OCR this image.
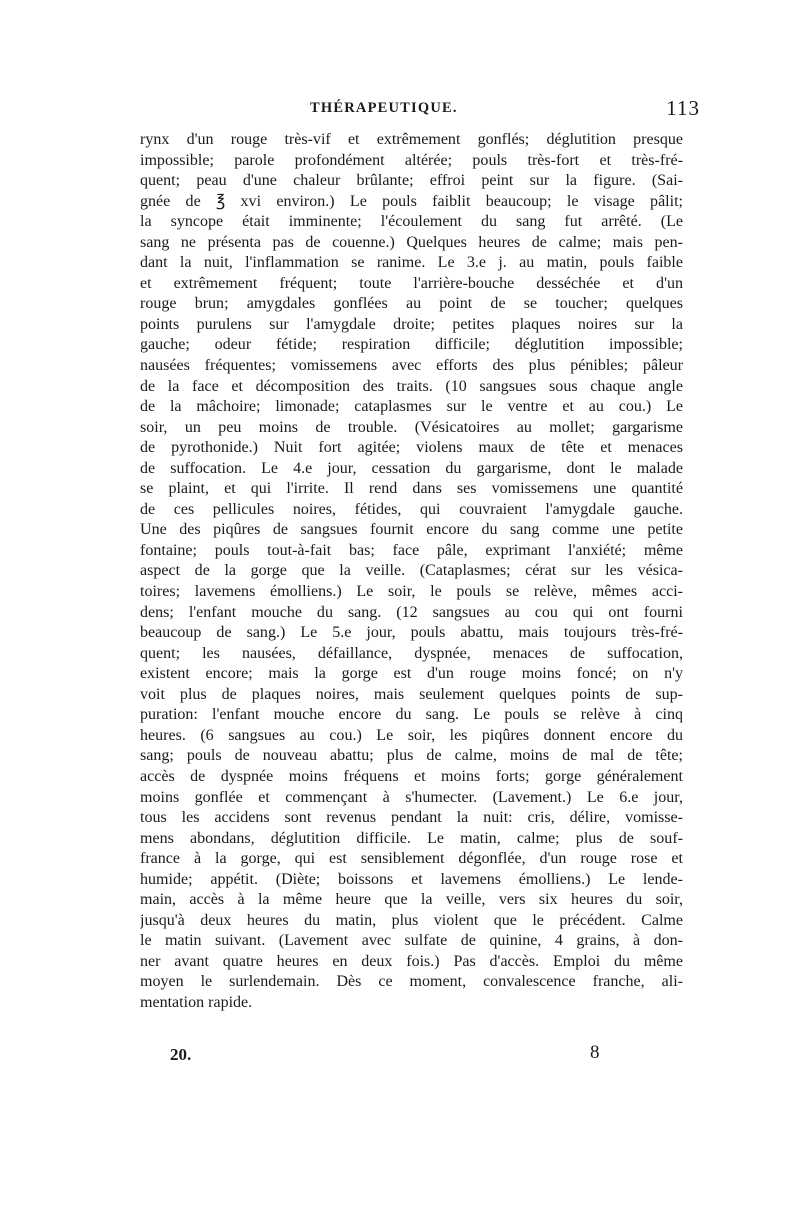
THÉRAPEUTIQUE.	113
rynx d'un rouge très-vif et extrêmement gonflés; déglutition presque
impossible; parole profondément altérée; pouls très-fort et très-fré-
quent; peau d'une chaleur brûlante; effroi peint sur la figure. (Sai-
gnée de ℥ xvi environ.) Le pouls faiblit beaucoup; le visage pâlit;
la syncope était imminente; l'écoulement du sang fut arrêté. (Le
sang ne présenta pas de couenne.) Quelques heures de calme; mais pen-
dant la nuit, l'inflammation se ranime. Le 3.e j. au matin, pouls faible
et extrêmement fréquent; toute l'arrière-bouche desséchée et d'un
rouge brun; amygdales gonflées au point de se toucher; quelques
points purulens sur l'amygdale droite; petites plaques noires sur la
gauche; odeur fétide; respiration difficile; déglutition impossible;
nausées fréquentes; vomissemens avec efforts des plus pénibles; pâleur
de la face et décomposition des traits. (10 sangsues sous chaque angle
de la mâchoire; limonade; cataplasmes sur le ventre et au cou.) Le
soir, un peu moins de trouble. (Vésicatoires au mollet; gargarisme
de pyrothonide.) Nuit fort agitée; violens maux de tête et menaces
de suffocation. Le 4.e jour, cessation du gargarisme, dont le malade
se plaint, et qui l'irrite. Il rend dans ses vomissemens une quantité
de ces pellicules noires, fétides, qui couvraient l'amygdale gauche.
Une des piqûres de sangsues fournit encore du sang comme une petite
fontaine; pouls tout-à-fait bas; face pâle, exprimant l'anxiété; même
aspect de la gorge que la veille. (Cataplasmes; cérat sur les vésica-
toires; lavemens émolliens.) Le soir, le pouls se relève, mêmes acci-
dens; l'enfant mouche du sang. (12 sangsues au cou qui ont fourni
beaucoup de sang.) Le 5.e jour, pouls abattu, mais toujours très-fré-
quent; les nausées, défaillance, dyspnée, menaces de suffocation,
existent encore; mais la gorge est d'un rouge moins foncé; on n'y
voit plus de plaques noires, mais seulement quelques points de sup-
puration: l'enfant mouche encore du sang. Le pouls se relève à cinq
heures. (6 sangsues au cou.) Le soir, les piqûres donnent encore du
sang; pouls de nouveau abattu; plus de calme, moins de mal de tête;
accès de dyspnée moins fréquens et moins forts; gorge généralement
moins gonflée et commençant à s'humecter. (Lavement.) Le 6.e jour,
tous les accidens sont revenus pendant la nuit: cris, délire, vomisse-
mens abondans, déglutition difficile. Le matin, calme; plus de souf-
france à la gorge, qui est sensiblement dégonflée, d'un rouge rose et
humide; appétit. (Diète; boissons et lavemens émolliens.) Le lende-
main, accès à la même heure que la veille, vers six heures du soir,
jusqu'à deux heures du matin, plus violent que le précédent. Calme
le matin suivant. (Lavement avec sulfate de quinine, 4 grains, à don-
ner avant quatre heures en deux fois.) Pas d'accès. Emploi du même
moyen le surlendemain. Dès ce moment, convalescence franche, ali-
mentation rapide.
20.	8
